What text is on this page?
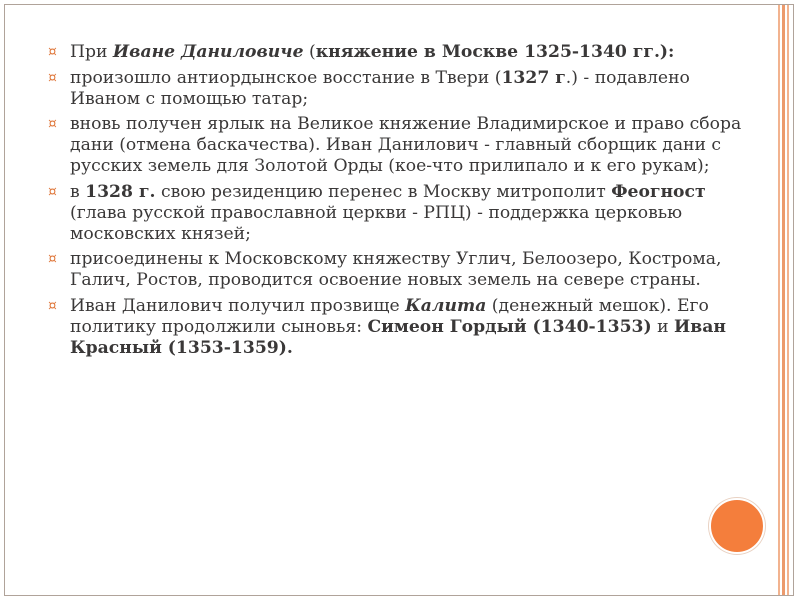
¤ При Иване Даниловиче (княжение в Москве 1325-1340 гг.):
¤ произошло антиордынское восстание в Твери (1327 г.) - подавлено Иваном с помощью татар;
¤ вновь получен ярлык на Великое княжение Владимирское и право сбора дани (отмена баскачества). Иван Данилович - главный сборщик дани с русских земель для Золотой Орды (кое-что прилипало и к его рукам);
¤ в 1328 г. свою резиденцию перенес в Москву митрополит Феогност (глава русской православной церкви - РПЦ) - поддержка церковью московских князей;
¤ присоединены к Московскому княжеству Углич, Белоозеро, Кострома, Галич, Ростов, проводится освоение новых земель на севере страны.
¤ Иван Данилович получил прозвище Калита (денежный мешок). Его политику продолжили сыновья: Симеон Гордый (1340-1353) и Иван Красный (1353-1359).
